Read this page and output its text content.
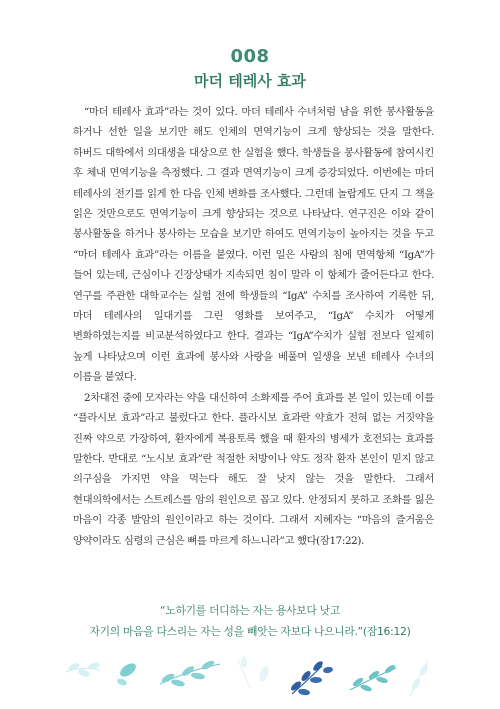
008
마더 테레사 효과

“마더 테레사 효과”라는 것이 있다. 마더 테레사 수녀처럼 남을 위한 봉사활동을 하거나 선한 일을 보기만 해도 인체의 면역기능이 크게 향상되는 것을 말한다. 하버드 대학에서 의대생을 대상으로 한 실험을 했다. 학생들을 봉사활동에 참여시킨 후 체내 면역기능을 측정했다. 그 결과 면역기능이 크게 증강되었다. 이번에는 마더 테레사의 전기를 읽게 한 다음 인체 변화를 조사했다. 그런데 놀랍게도 단지 그 책을 읽은 것만으로도 면역기능이 크게 향상되는 것으로 나타났다. 연구진은 이와 같이 봉사활동을 하거나 봉사하는 모습을 보기만 하여도 면역기능이 높아지는 것을 두고 “마더 테레사 효과”라는 이름을 붙였다. 이런 일은 사람의 침에 면역항체 “IgA”가 들어 있는데, 근심이나 긴장상태가 지속되면 침이 말라 이 항체가 줄어든다고 한다. 연구를 주관한 대학교수는 실험 전에 학생들의 “IgA” 수치를 조사하여 기록한 뒤, 마더 테레사의 일대기를 그린 영화를 보여주고, “IgA” 수치가 어떻게 변화하였는지를 비교분석하였다고 한다. 결과는 “IgA”수치가 실험 전보다 일제히 높게 나타났으며 이런 효과에 봉사와 사랑을 베풀며 일생을 보낸 테레사 수녀의 이름을 붙였다.

2차대전 중에 모자라는 약을 대신하여 소화제를 주어 효과를 본 일이 있는데 이를 “플라시보 효과”라고 불렀다고 한다. 플라시보 효과란 약효가 전혀 없는 거짓약을 진짜 약으로 가장하여, 환자에게 복용토록 했을 때 환자의 병세가 호전되는 효과를 말한다. 반대로 “노시보 효과”란 적절한 처방이나 약도 정작 환자 본인이 믿지 않고 의구심을 가지면 약을 먹는다 해도 잘 낫지 않는 것을 말한다. 그래서 현대의학에서는 스트레스를 암의 원인으로 꼽고 있다. 안정되지 못하고 조화를 잃은 마음이 각종 발암의 원인이라고 하는 것이다. 그래서 지혜자는 “마음의 즐거움은 양약이라도 심령의 근심은 뼈를 마르게 하느니라”고 했다(잠17:22).

“노하기를 더디하는 자는 용사보다 낫고
자기의 마음을 다스리는 자는 성을 빼앗는 자보다 나으니라.”(잠16:12)
